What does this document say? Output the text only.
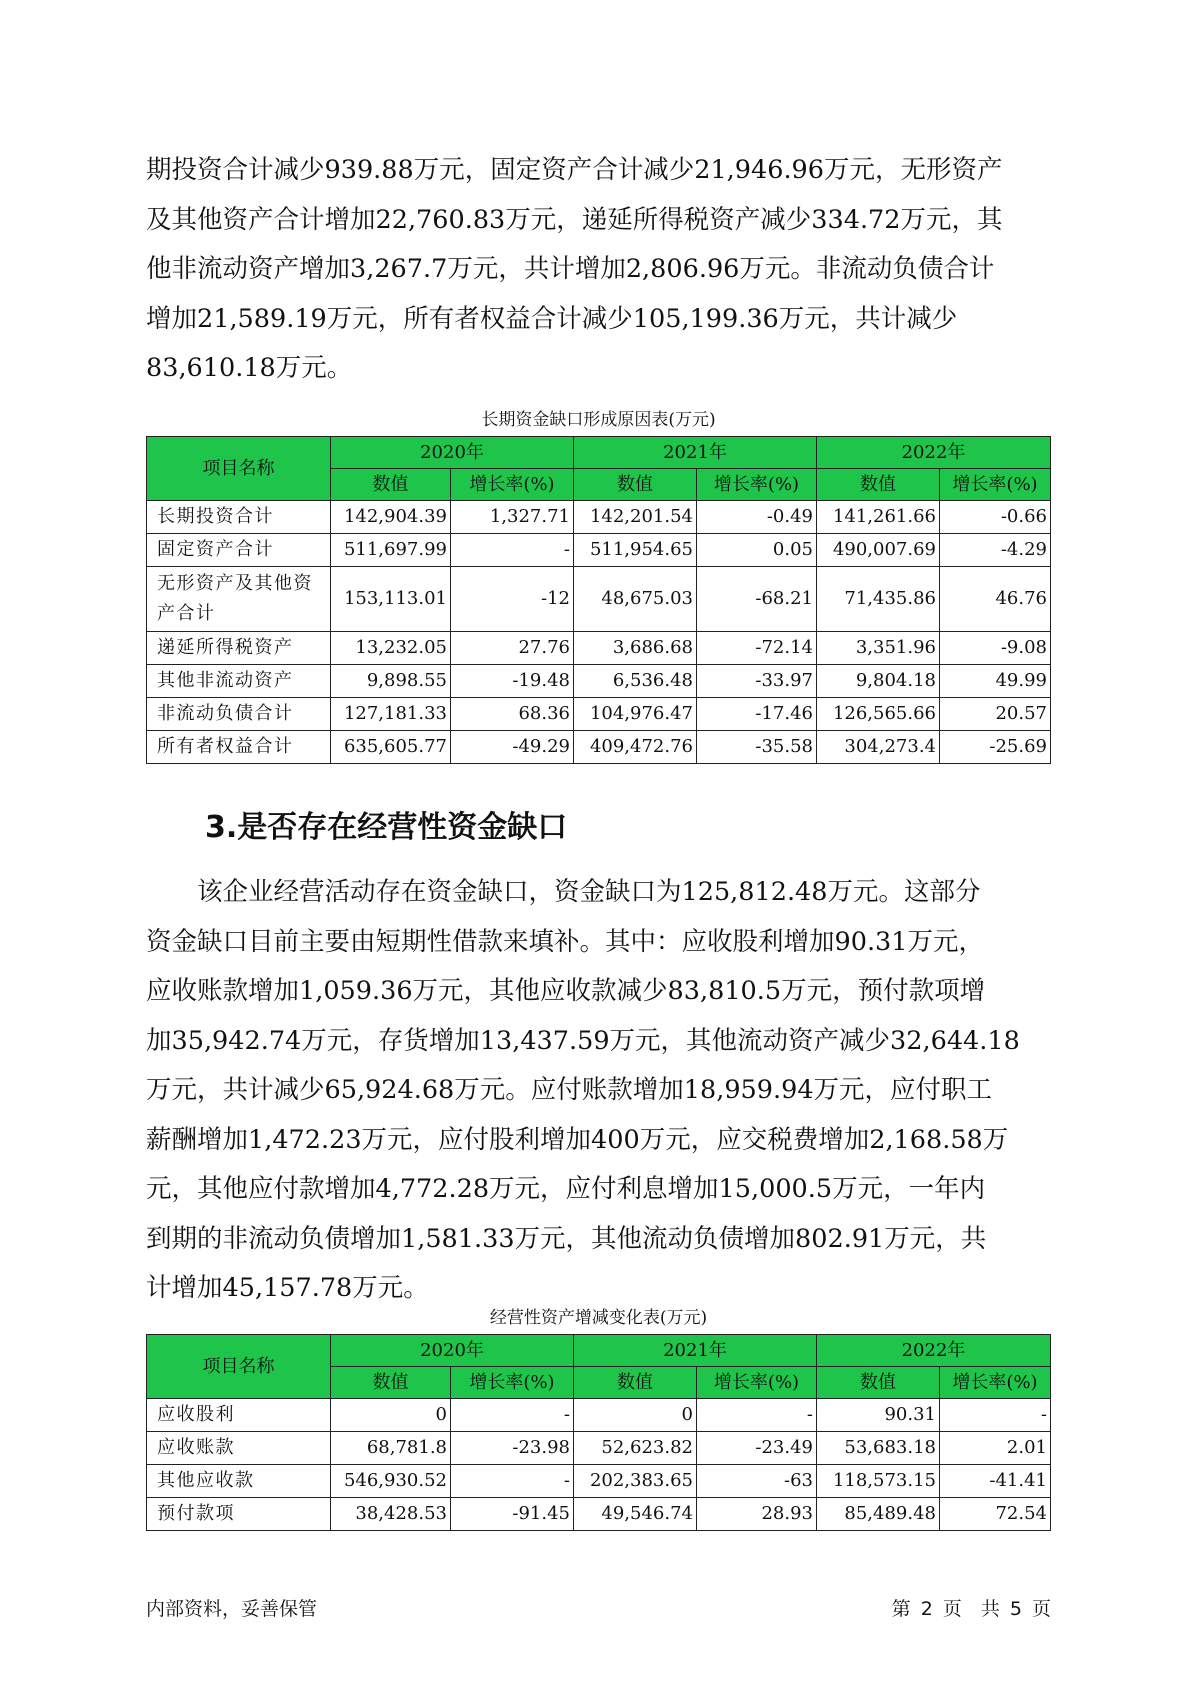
期投资合计减少939.88万元，固定资产合计减少21,946.96万元，无形资产
及其他资产合计增加22,760.83万元，递延所得税资产减少334.72万元，其
他非流动资产增加3,267.7万元，共计增加2,806.96万元。非流动负债合计
增加21,589.19万元，所有者权益合计减少105,199.36万元，共计减少
83,610.18万元。

长期资金缺口形成原因表(万元)

项目名称	2020年		2021年		2022年	
	数值	增长率(%)	数值	增长率(%)	数值	增长率(%)
长期投资合计	142,904.39	1,327.71	142,201.54	-0.49	141,261.66	-0.66
固定资产合计	511,697.99	-	511,954.65	0.05	490,007.69	-4.29
无形资产及其他资产合计	153,113.01	-12	48,675.03	-68.21	71,435.86	46.76
递延所得税资产	13,232.05	27.76	3,686.68	-72.14	3,351.96	-9.08
其他非流动资产	9,898.55	-19.48	6,536.48	-33.97	9,804.18	49.99
非流动负债合计	127,181.33	68.36	104,976.47	-17.46	126,565.66	20.57
所有者权益合计	635,605.77	-49.29	409,472.76	-35.58	304,273.4	-25.69
3.是否存在经营性资金缺口
　　该企业经营活动存在资金缺口，资金缺口为125,812.48万元。这部分
资金缺口目前主要由短期性借款来填补。其中：应收股利增加90.31万元，
应收账款增加1,059.36万元，其他应收款减少83,810.5万元，预付款项增
加35,942.74万元，存货增加13,437.59万元，其他流动资产减少32,644.18
万元，共计减少65,924.68万元。应付账款增加18,959.94万元，应付职工
薪酬增加1,472.23万元，应付股利增加400万元，应交税费增加2,168.58万
元，其他应付款增加4,772.28万元，应付利息增加15,000.5万元，一年内
到期的非流动负债增加1,581.33万元，其他流动负债增加802.91万元，共
计增加45,157.78万元。

经营性资产增减变化表(万元)

项目名称	2020年		2021年		2022年	
	数值	增长率(%)	数值	增长率(%)	数值	增长率(%)
应收股利	0	-	0	-	90.31	-
应收账款	68,781.8	-23.98	52,623.82	-23.49	53,683.18	2.01
其他应收款	546,930.52	-	202,383.65	-63	118,573.15	-41.41
预付款项	38,428.53	-91.45	49,546.74	28.93	85,489.48	72.54
内部资料，妥善保管	第 2 页　共 5 页
